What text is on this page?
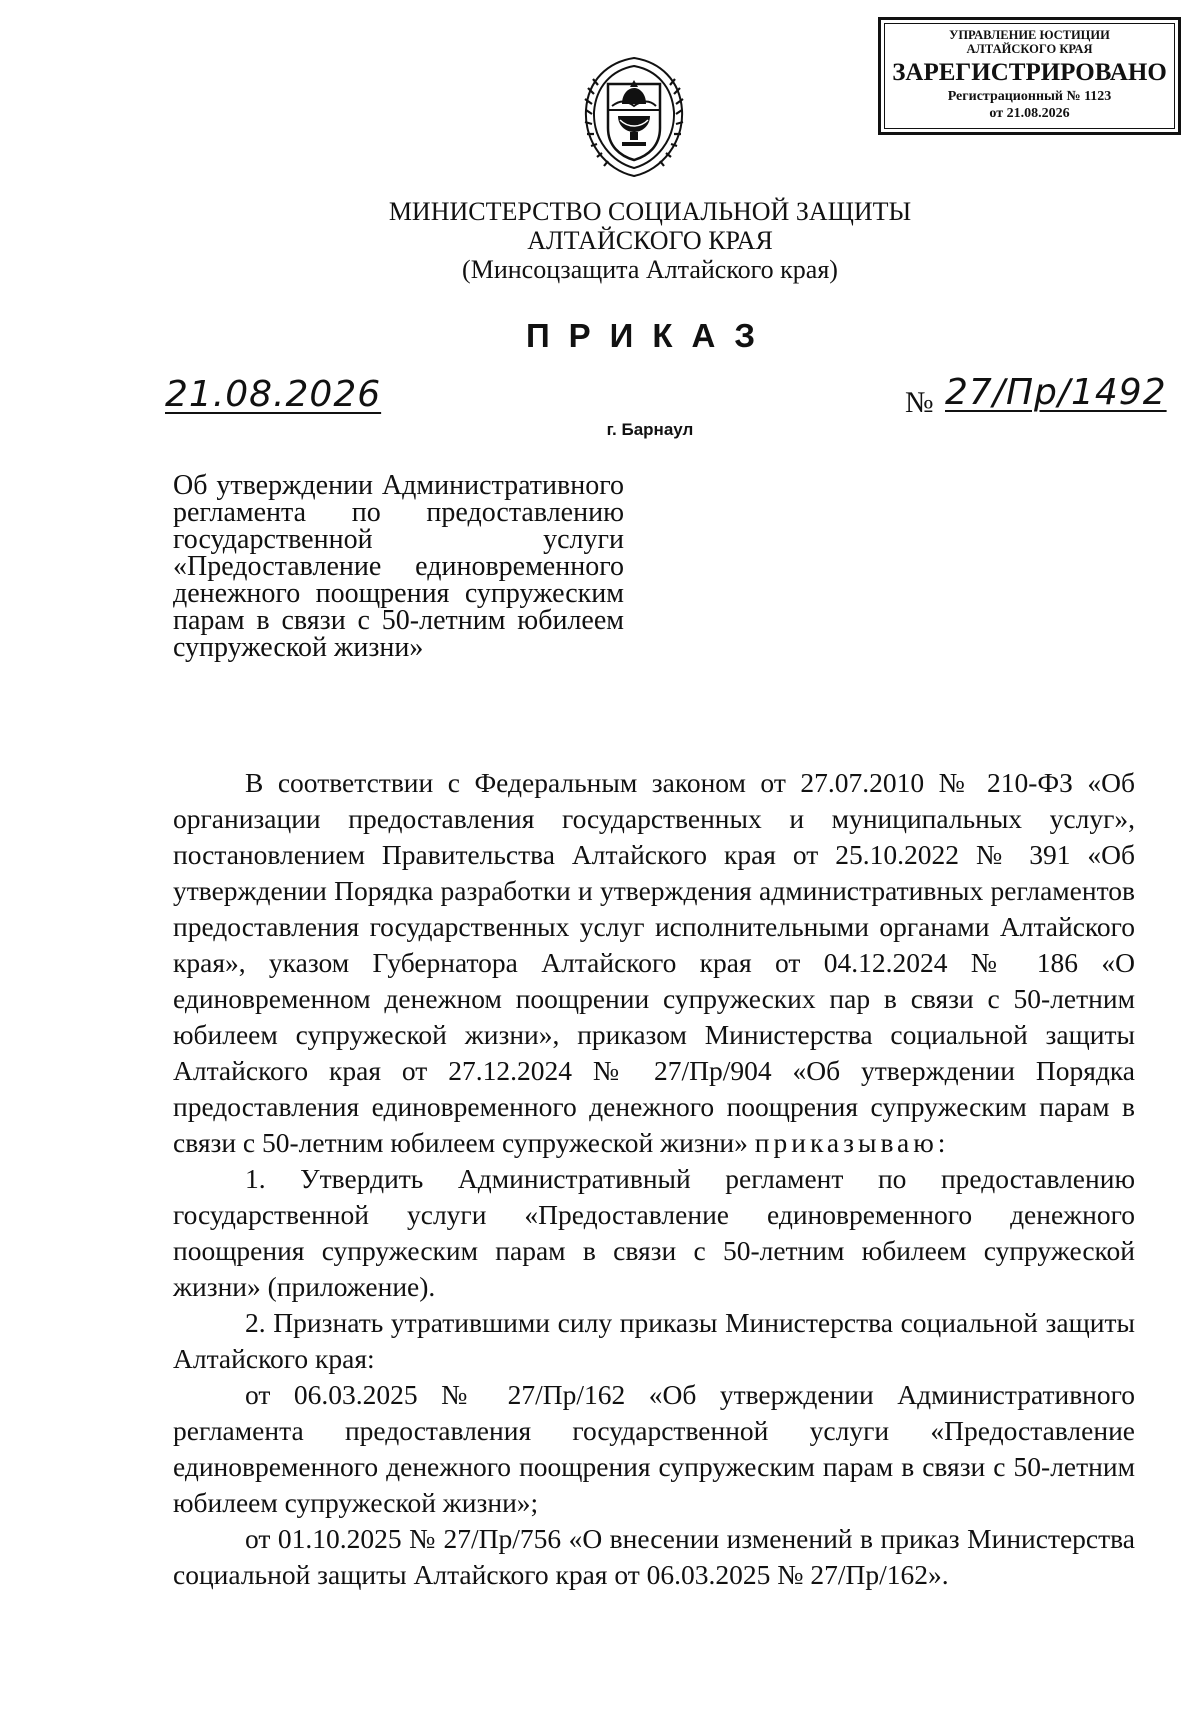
УПРАВЛЕНИЕ ЮСТИЦИИ
АЛТАЙСКОГО КРАЯ
ЗАРЕГИСТРИРОВАНО
Регистрационный № 1123
от 21.08.2026
МИНИСТЕРСТВО СОЦИАЛЬНОЙ ЗАЩИТЫ
АЛТАЙСКОГО КРАЯ
(Минсоцзащита Алтайского края)
ПРИКАЗ
21.08.2026	№ 27/Пр/1492
г. Барнаул
Об утверждении Административного регламента по предоставлению государственной услуги «Предоставление единовременного денежного поощрения супружеским парам в связи с 50-летним юбилеем супружеской жизни»

В соответствии с Федеральным законом от 27.07.2010 № 210-ФЗ «Об организации предоставления государственных и муниципальных услуг», постановлением Правительства Алтайского края от 25.10.2022 № 391 «Об утверждении Порядка разработки и утверждения административных регламентов предоставления государственных услуг исполнительными органами Алтайского края», указом Губернатора Алтайского края от 04.12.2024 № 186 «О единовременном денежном поощрении супружеских пар в связи с 50-летним юбилеем супружеской жизни», приказом Министерства социальной защиты Алтайского края от 27.12.2024 № 27/Пр/904 «Об утверждении Порядка предоставления единовременного денежного поощрения супружеским парам в связи с 50-летним юбилеем супружеской жизни» приказываю:

1. Утвердить Административный регламент по предоставлению государственной услуги «Предоставление единовременного денежного поощрения супружеским парам в связи с 50-летним юбилеем супружеской жизни» (приложение).

2. Признать утратившими силу приказы Министерства социальной защиты Алтайского края:

от 06.03.2025 № 27/Пр/162 «Об утверждении Административного регламента предоставления государственной услуги «Предоставление единовременного денежного поощрения супружеским парам в связи с 50-летним юбилеем супружеской жизни»;

от 01.10.2025 № 27/Пр/756 «О внесении изменений в приказ Министерства социальной защиты Алтайского края от 06.03.2025 № 27/Пр/162».
